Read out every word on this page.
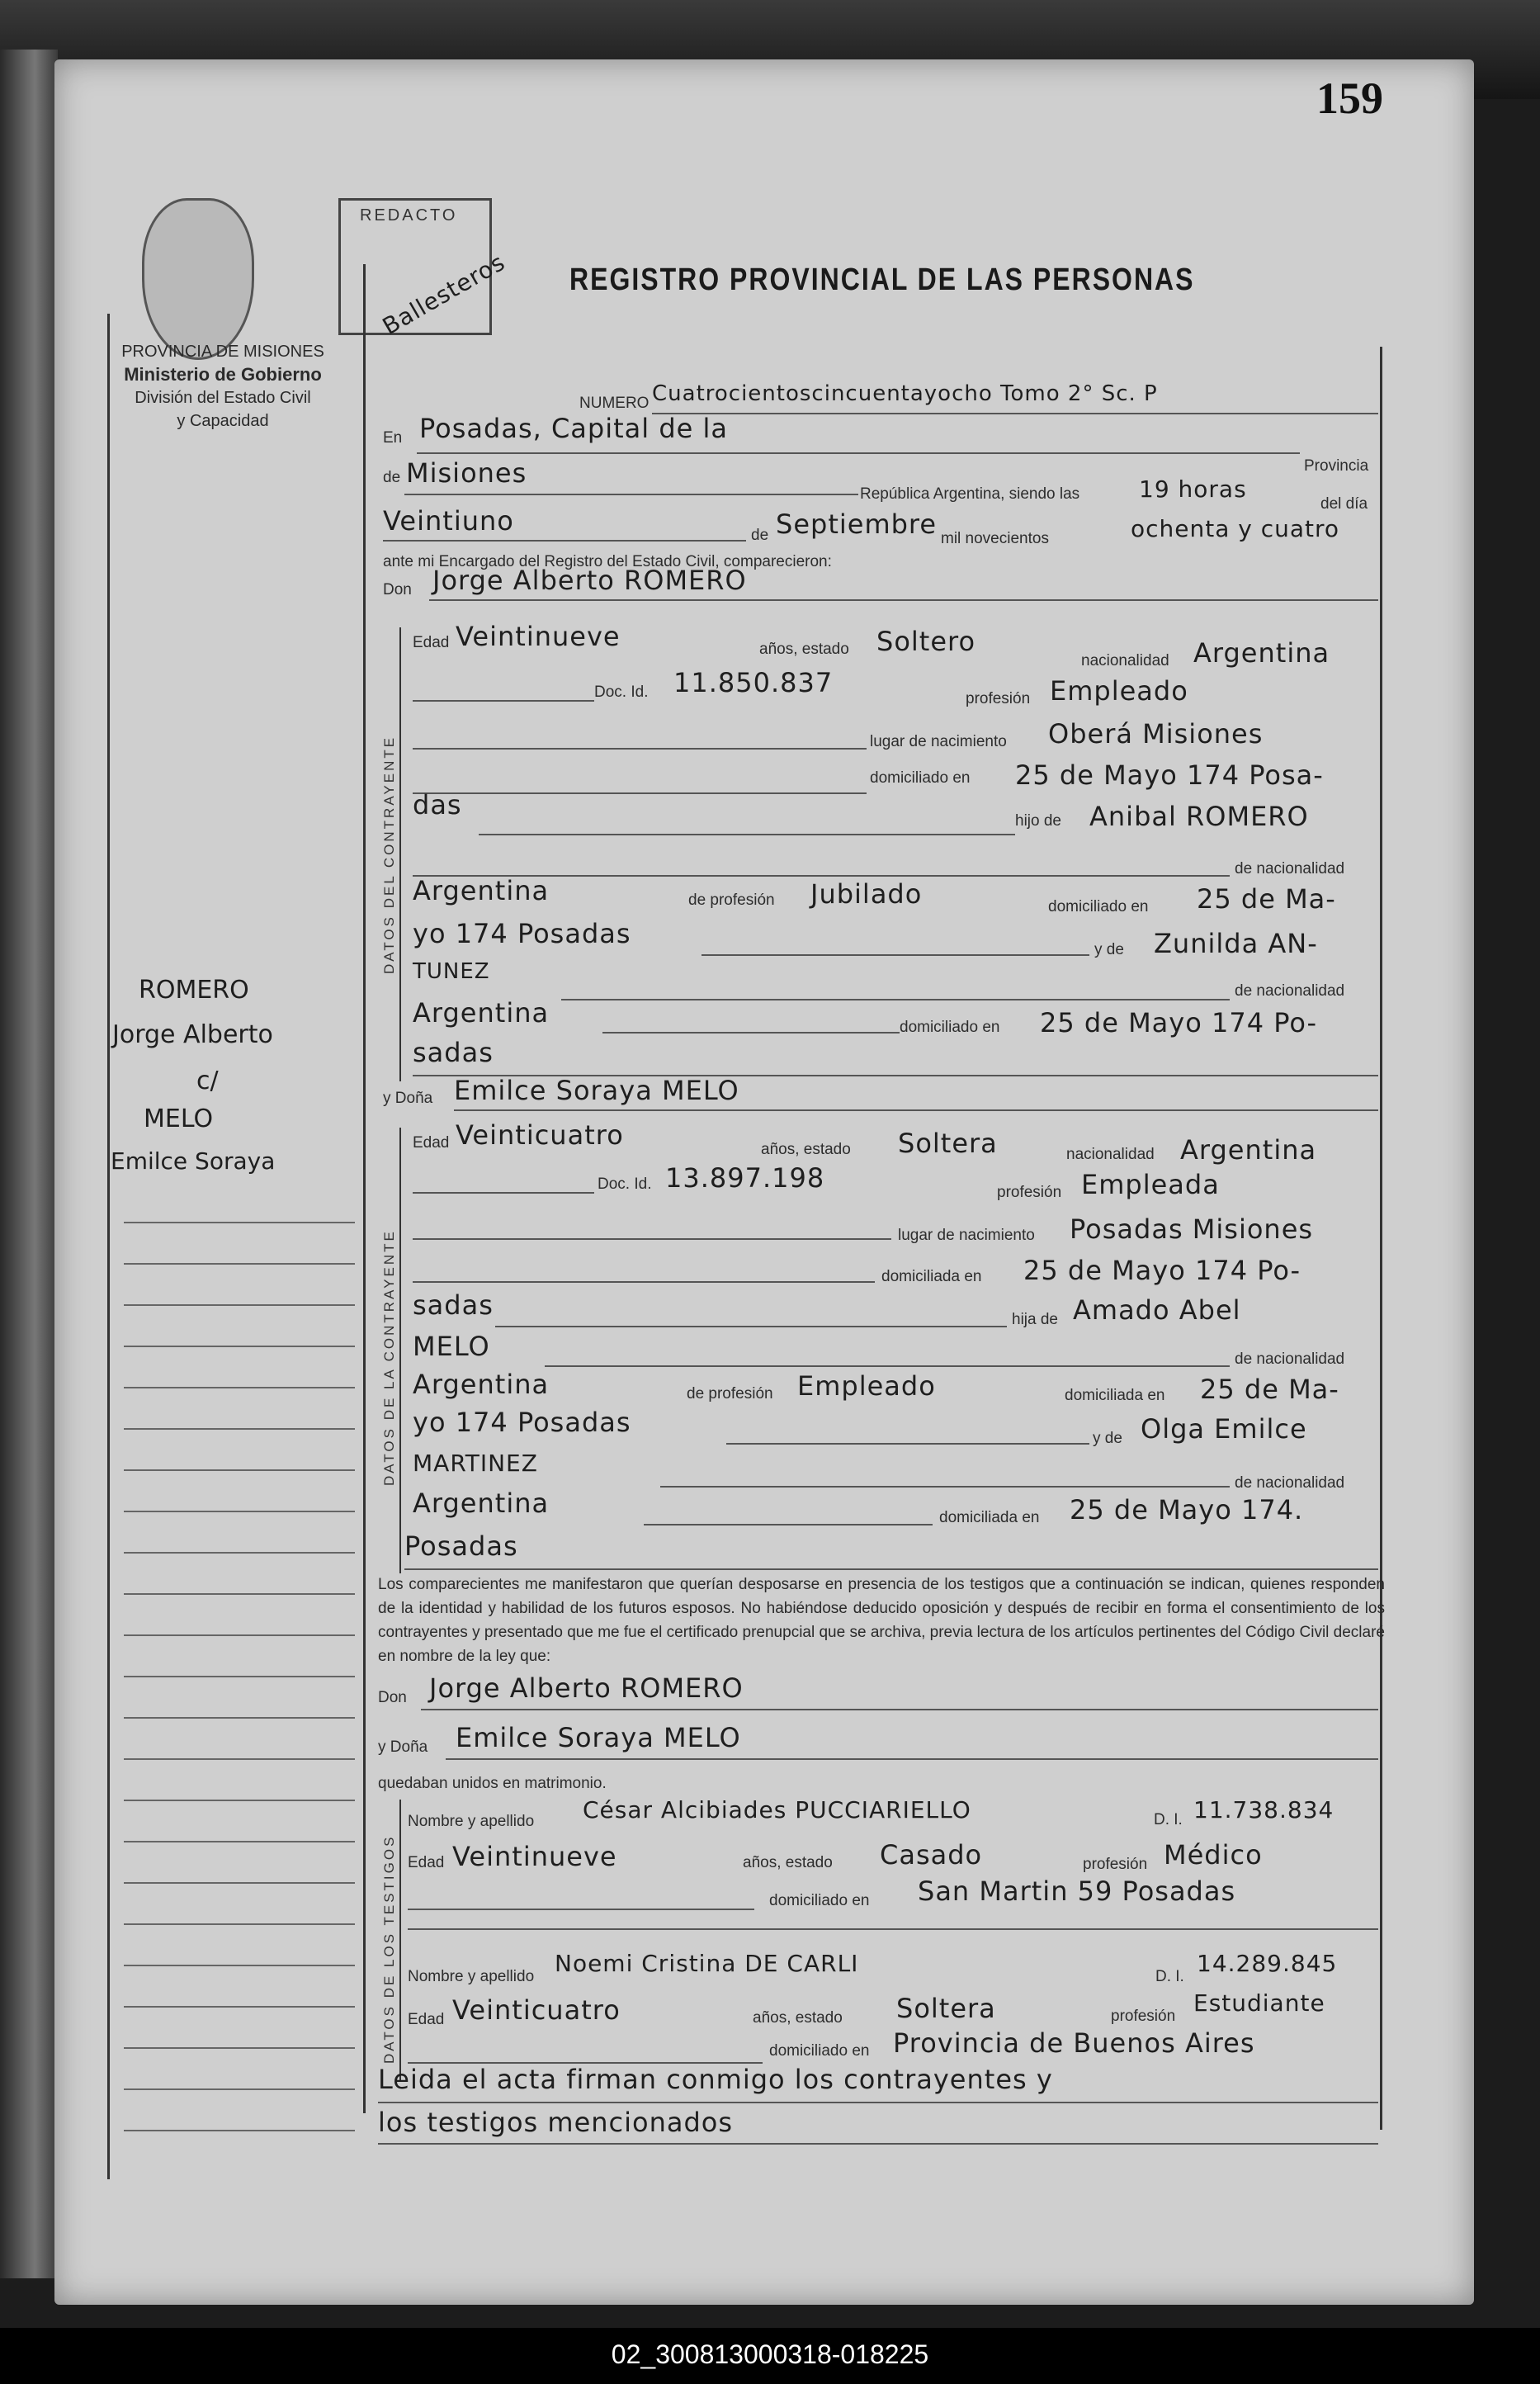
159
PROVINCIA DE MISIONES
Ministerio de Gobierno
División del Estado Civil
y Capacidad
REDACTO
Ballesteros REGISTRO PROVINCIAL DE LAS PERSONAS
NUMERO Cuatrocientoscincuentayocho Tomo 2° Sc. P
En Posadas, Capital de la
Provincia
de Misiones
República Argentina, siendo las	19 horas
del día
Veintiuno	de Septiembre mil novecientos	ochenta y cuatro
ante mi Encargado del Registro del Estado Civil, comparecieron:
Don Jorge Alberto ROMERO
DATOS DEL CONTRAYENTE
Edad Veintinueve	años, estado Soltero
nacionalidad Argentina
Doc. Id. 11.850.837
profesión Empleado
lugar de nacimiento Oberá Misiones
domiciliado en 25 de Mayo 174 Posa-
das
hijo de Anibal ROMERO
de nacionalidad
Argentina	de profesión Jubilado	domiciliado en 25 de Ma-
yo 174 Posadas
y de Zunilda AN-
TUNEZ
de nacionalidad
Argentina	domiciliado en 25 de Mayo 174 Po-
sadas
y Doña Emilce Soraya MELO
DATOS DE LA CONTRAYENTE
Edad Veinticuatro	años, estado Soltera	nacionalidad Argentina
Doc. Id. 13.897.198	profesión Empleada
lugar de nacimiento Posadas Misiones
domiciliada en 25 de Mayo 174 Po-
sadas	hija de Amado Abel
MELO	de nacionalidad
Argentina	de profesión Empleado	domiciliada en 25 de Ma-
yo 174 Posadas
y de Olga Emilce
MARTINEZ
de nacionalidad
Argentina	domiciliada en 25 de Mayo 174.
Posadas
ROMERO
Jorge Alberto
c/
MELO
Emilce Soraya
Los comparecientes me manifestaron que querían desposarse en presencia de los testigos que a continuación se indican, quienes responden de la identidad y habilidad de los futuros esposos. No habiéndose deducido oposición y después de recibir en forma el consentimiento de los contrayentes y presentado que me fue el certificado prenupcial que se archiva, previa lectura de los artículos pertinentes del Código Civil declaré en nombre de la ley que:
Don Jorge Alberto ROMERO
y Doña Emilce Soraya MELO
quedaban unidos en matrimonio.
DATOS DE LOS TESTIGOS
Nombre y apellido César Alcibiades PUCCIARIELLO	D. I. 11.738.834
Edad Veintinueve	años, estado Casado	profesión Médico
domiciliado en San Martin 59 Posadas
Nombre y apellido Noemi Cristina DE CARLI	D. I. 14.289.845
Edad Veinticuatro	años, estado Soltera	profesión Estudiante
domiciliado en Provincia de Buenos Aires
Leida el acta firman conmigo los contrayentes y
los testigos mencionados
02_300813000318-018225
